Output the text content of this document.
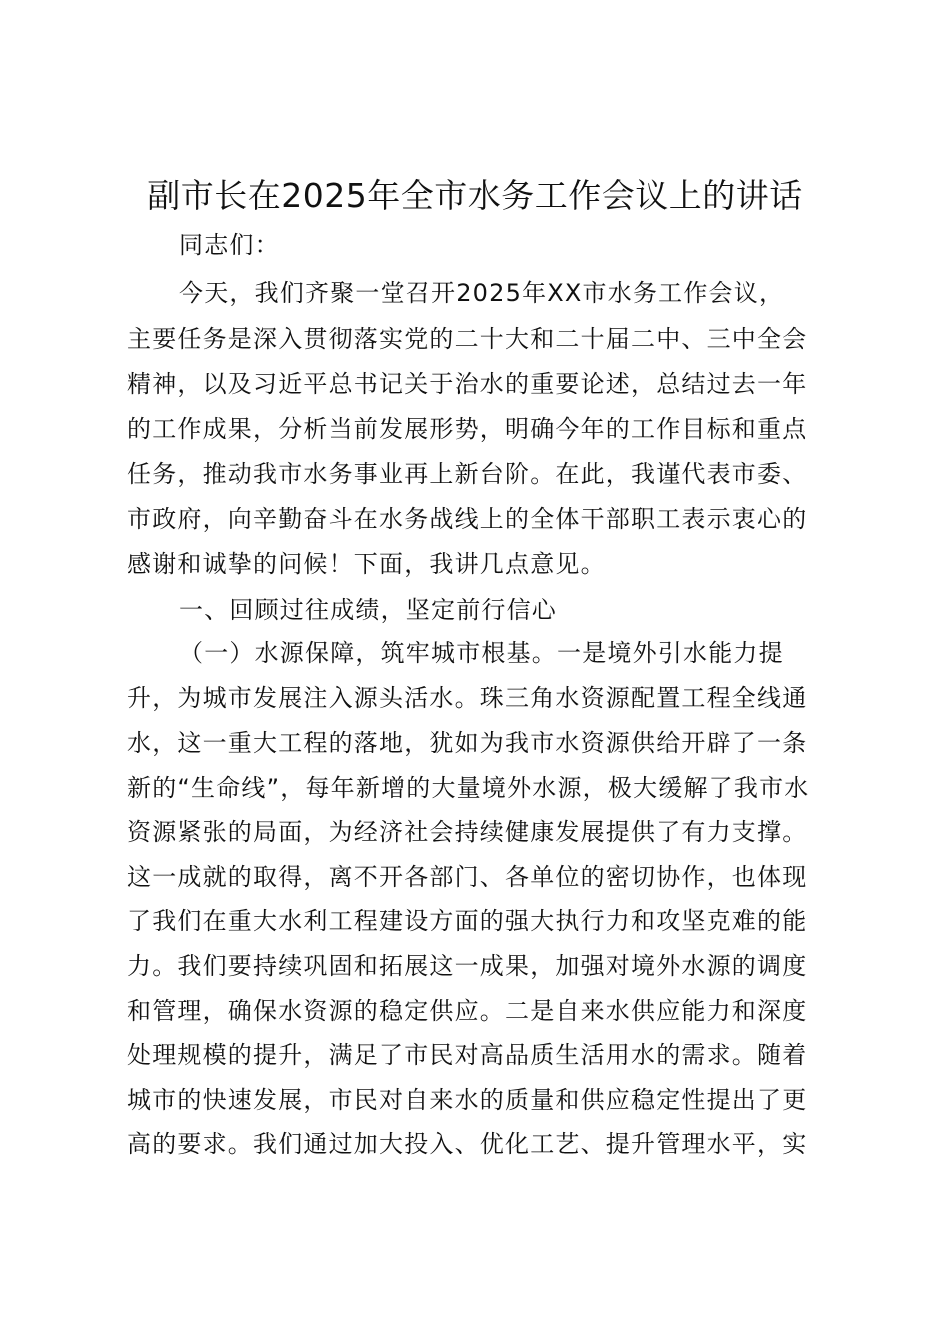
副市长在2025年全市水务工作会议上的讲话
同志们：
今天，我们齐聚一堂召开2025年XX市水务工作会议，
主要任务是深入贯彻落实党的二十大和二十届二中、三中全会
精神，以及习近平总书记关于治水的重要论述，总结过去一年
的工作成果，分析当前发展形势，明确今年的工作目标和重点
任务，推动我市水务事业再上新台阶。在此，我谨代表市委、
市政府，向辛勤奋斗在水务战线上的全体干部职工表示衷心的
感谢和诚挚的问候！下面，我讲几点意见。
一、回顾过往成绩，坚定前行信心
（一）水源保障，筑牢城市根基。一是境外引水能力提
升，为城市发展注入源头活水。珠三角水资源配置工程全线通
水，这一重大工程的落地，犹如为我市水资源供给开辟了一条
新的“生命线”，每年新增的大量境外水源，极大缓解了我市水
资源紧张的局面，为经济社会持续健康发展提供了有力支撑。
这一成就的取得，离不开各部门、各单位的密切协作，也体现
了我们在重大水利工程建设方面的强大执行力和攻坚克难的能
力。我们要持续巩固和拓展这一成果，加强对境外水源的调度
和管理，确保水资源的稳定供应。二是自来水供应能力和深度
处理规模的提升，满足了市民对高品质生活用水的需求。随着
城市的快速发展，市民对自来水的质量和供应稳定性提出了更
高的要求。我们通过加大投入、优化工艺、提升管理水平，实
